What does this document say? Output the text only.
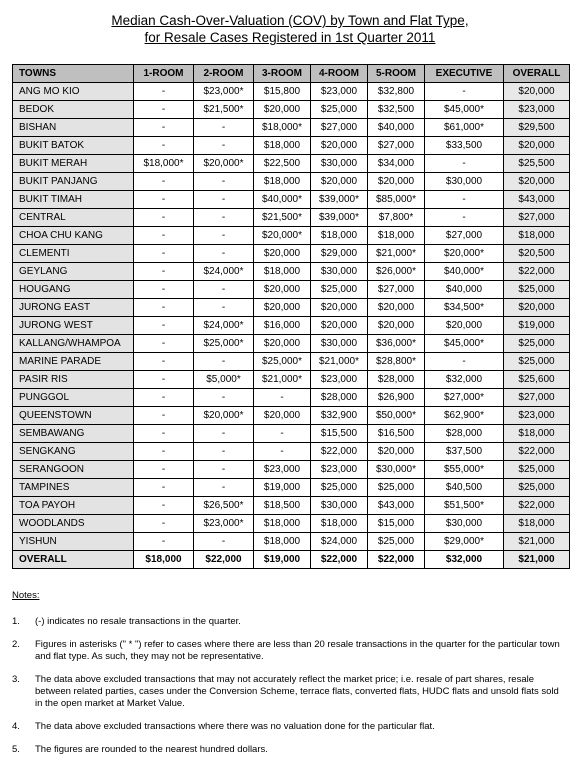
Median Cash-Over-Valuation (COV) by Town and Flat Type,
for Resale Cases Registered in 1st Quarter 2011
TOWNS	1-ROOM	2-ROOM	3-ROOM	4-ROOM	5-ROOM	EXECUTIVE	OVERALL
ANG MO KIO	-	$23,000*	$15,800	$23,000	$32,800	-	$20,000
BEDOK	-	$21,500*	$20,000	$25,000	$32,500	$45,000*	$23,000
BISHAN	-	-	$18,000*	$27,000	$40,000	$61,000*	$29,500
BUKIT BATOK	-	-	$18,000	$20,000	$27,000	$33,500	$20,000
BUKIT MERAH	$18,000*	$20,000*	$22,500	$30,000	$34,000	-	$25,500
BUKIT PANJANG	-	-	$18,000	$20,000	$20,000	$30,000	$20,000
BUKIT TIMAH	-	-	$40,000*	$39,000*	$85,000*	-	$43,000
CENTRAL	-	-	$21,500*	$39,000*	$7,800*	-	$27,000
CHOA CHU KANG	-	-	$20,000*	$18,000	$18,000	$27,000	$18,000
CLEMENTI	-	-	$20,000	$29,000	$21,000*	$20,000*	$20,500
GEYLANG	-	$24,000*	$18,000	$30,000	$26,000*	$40,000*	$22,000
HOUGANG	-	-	$20,000	$25,000	$27,000	$40,000	$25,000
JURONG EAST	-	-	$20,000	$20,000	$20,000	$34,500*	$20,000
JURONG WEST	-	$24,000*	$16,000	$20,000	$20,000	$20,000	$19,000
KALLANG/WHAMPOA	-	$25,000*	$20,000	$30,000	$36,000*	$45,000*	$25,000
MARINE PARADE	-	-	$25,000*	$21,000*	$28,800*	-	$25,000
PASIR RIS	-	$5,000*	$21,000*	$23,000	$28,000	$32,000	$25,600
PUNGGOL	-	-	-	$28,000	$26,900	$27,000*	$27,000
QUEENSTOWN	-	$20,000*	$20,000	$32,900	$50,000*	$62,900*	$23,000
SEMBAWANG	-	-	-	$15,500	$16,500	$28,000	$18,000
SENGKANG	-	-	-	$22,000	$20,000	$37,500	$22,000
SERANGOON	-	-	$23,000	$23,000	$30,000*	$55,000*	$25,000
TAMPINES	-	-	$19,000	$25,000	$25,000	$40,500	$25,000
TOA PAYOH	-	$26,500*	$18,500	$30,000	$43,000	$51,500*	$22,000
WOODLANDS	-	$23,000*	$18,000	$18,000	$15,000	$30,000	$18,000
YISHUN	-	-	$18,000	$24,000	$25,000	$29,000*	$21,000
OVERALL	$18,000	$22,000	$19,000	$22,000	$22,000	$32,000	$21,000
Notes:
1.	(-) indicates no resale transactions in the quarter.
2.	Figures in asterisks (" * ") refer to cases where there are less than 20 resale transactions in the quarter for the particular town and flat type. As such, they may not be representative.
3.	The data above excluded transactions that may not accurately reflect the market price; i.e. resale of part shares, resale between related parties, cases under the Conversion Scheme, terrace flats, converted flats, HUDC flats and unsold flats sold in the open market at Market Value.
4.	The data above excluded transactions where there was no valuation done for the particular flat.
5.	The figures are rounded to the nearest hundred dollars.
